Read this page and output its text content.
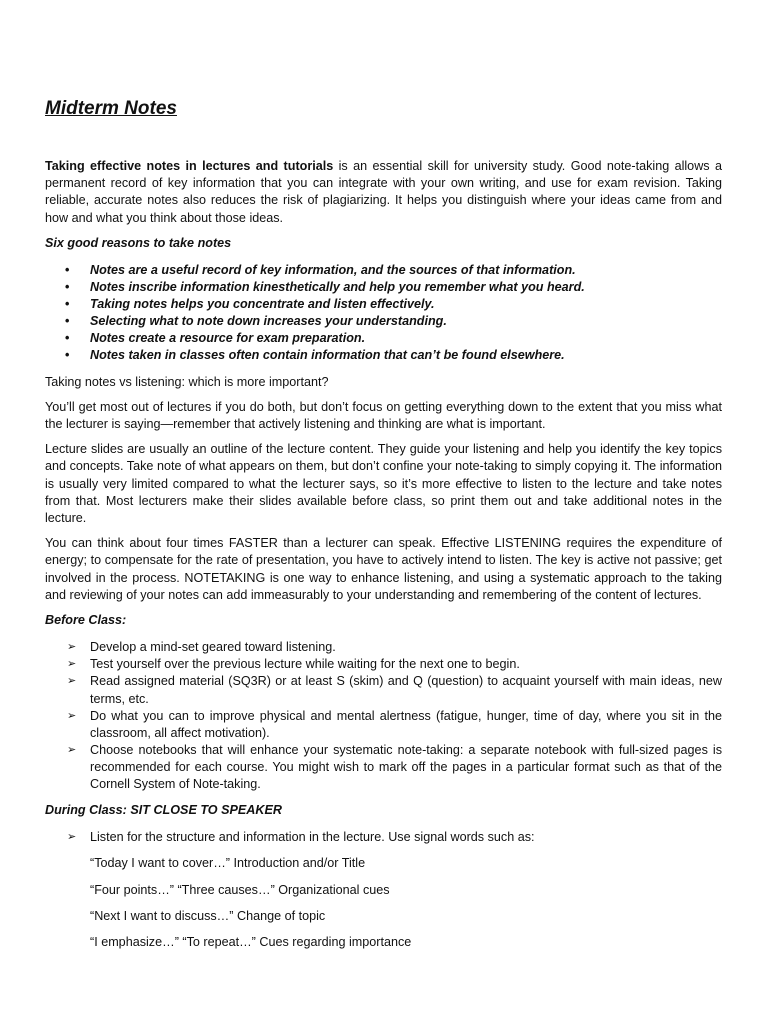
Midterm Notes

Taking effective notes in lectures and tutorials is an essential skill for university study. Good note-taking allows a permanent record of key information that you can integrate with your own writing, and use for exam revision. Taking reliable, accurate notes also reduces the risk of plagiarizing. It helps you distinguish where your ideas came from and how and what you think about those ideas.

Six good reasons to take notes
• Notes are a useful record of key information, and the sources of that information.
• Notes inscribe information kinesthetically and help you remember what you heard.
• Taking notes helps you concentrate and listen effectively.
• Selecting what to note down increases your understanding.
• Notes create a resource for exam preparation.
• Notes taken in classes often contain information that can’t be found elsewhere.

Taking notes vs listening: which is more important?

You’ll get most out of lectures if you do both, but don’t focus on getting everything down to the extent that you miss what the lecturer is saying—remember that actively listening and thinking are what is important.

Lecture slides are usually an outline of the lecture content. They guide your listening and help you identify the key topics and concepts. Take note of what appears on them, but don’t confine your note-taking to simply copying it. The information is usually very limited compared to what the lecturer says, so it’s more effective to listen to the lecture and take notes from that. Most lecturers make their slides available before class, so print them out and take additional notes in the lecture.

You can think about four times FASTER than a lecturer can speak. Effective LISTENING requires the expenditure of energy; to compensate for the rate of presentation, you have to actively intend to listen. The key is active not passive; get involved in the process. NOTETAKING is one way to enhance listening, and using a systematic approach to the taking and reviewing of your notes can add immeasurably to your understanding and remembering of the content of lectures.

Before Class:
➢ Develop a mind-set geared toward listening.
➢ Test yourself over the previous lecture while waiting for the next one to begin.
➢ Read assigned material (SQ3R) or at least S (skim) and Q (question) to acquaint yourself with main ideas, new terms, etc.
➢ Do what you can to improve physical and mental alertness (fatigue, hunger, time of day, where you sit in the classroom, all affect motivation).
➢ Choose notebooks that will enhance your systematic note-taking: a separate notebook with full-sized pages is recommended for each course. You might wish to mark off the pages in a particular format such as that of the Cornell System of Note-taking.
During Class: SIT CLOSE TO SPEAKER
➢ Listen for the structure and information in the lecture. Use signal words such as:
“Today I want to cover…” Introduction and/or Title
“Four points…” “Three causes…” Organizational cues
“Next I want to discuss…” Change of topic
“I emphasize…” “To repeat…” Cues regarding importance
